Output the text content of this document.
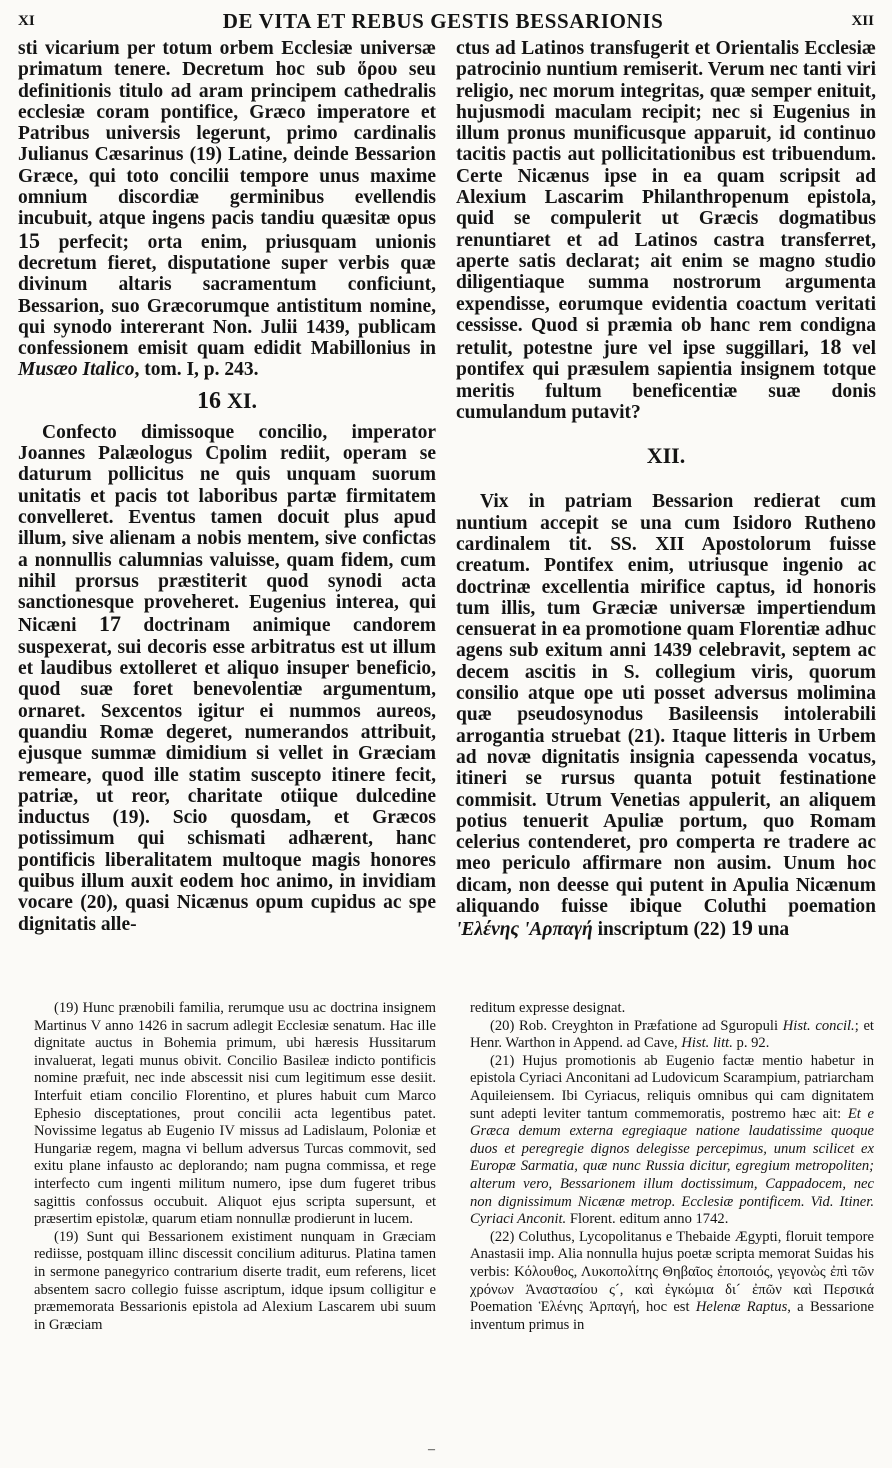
XI	DE VITA ET REBUS GESTIS BESSARIONIS	XII

sti vicarium per totum orbem Ecclesiæ universæ primatum tenere. Decretum hoc sub ὅρου seu definitionis titulo ad aram principem cathedralis ecclesiæ coram pontifice, Græco imperatore et Patribus universis legerunt, primo cardinalis Julianus Cæsarinus (19) Latine, deinde Bessarion Græce, qui toto concilii tempore unus maxime omnium discordiæ germinibus evellendis incubuit, atque ingens pacis tandiu quæsitæ opus 15 perfecit; orta enim, priusquam unionis decretum fieret, disputatione super verbis quæ divinum altaris sacramentum conficiunt, Bessarion, suo Græcorumque antistitum nomine, qui synodo intererant Non. Julii 1439, publicam confessionem emisit quam edidit Mabillonius in Musæo Italico, tom. I, p. 243.

16 XI.

Confecto dimissoque concilio, imperator Joannes Palæologus Cpolim rediit, operam se daturum pollicitus ne quis unquam suorum unitatis et pacis tot laboribus partæ firmitatem convelleret. Eventus tamen docuit plus apud illum, sive alienam a nobis mentem, sive confictas a nonnullis calumnias valuisse, quam fidem, cum nihil prorsus præstiterit quod synodi acta sanctionesque proveheret. Eugenius interea, qui Nicæni 17 doctrinam animique candorem suspexerat, sui decoris esse arbitratus est ut illum et laudibus extolleret et aliquo insuper beneficio, quod suæ foret benevolentiæ argumentum, ornaret. Sexcentos igitur ei nummos aureos, quandiu Romæ degeret, numerandos attribuit, ejusque summæ dimidium si vellet in Græciam remeare, quod ille statim suscepto itinere fecit, patriæ, ut reor, charitate otiique dulcedine inductus (19). Scio quosdam, et Græcos potissimum qui schismati adhærent, hanc pontificis liberalitatem multoque magis honores quibus illum auxit eodem hoc animo, in invidiam vocare (20), quasi Nicænus opum cupidus ac spe dignitatis alle-

ctus ad Latinos transfugerit et Orientalis Ecclesiæ patrocinio nuntium remiserit. Verum nec tanti viri religio, nec morum integritas, quæ semper enituit, hujusmodi maculam recipit; nec si Eugenius in illum pronus munificusque apparuit, id continuo tacitis pactis aut pollicitationibus est tribuendum. Certe Nicænus ipse in ea quam scripsit ad Alexium Lascarim Philanthropenum epistola, quid se compulerit ut Græcis dogmatibus renuntiaret et ad Latinos castra transferret, aperte satis declarat; ait enim se magno studio diligentiaque summa nostrorum argumenta expendisse, eorumque evidentia coactum veritati cessisse. Quod si præmia ob hanc rem condigna retulit, potestne jure vel ipse suggillari, 18 vel pontifex qui præsulem sapientia insignem totque meritis fultum beneficentiæ suæ donis cumulandum putavit?

XII.

Vix in patriam Bessarion redierat cum nuntium accepit se una cum Isidoro Rutheno cardinalem tit. SS. XII Apostolorum fuisse creatum. Pontifex enim, utriusque ingenio ac doctrinæ excellentia mirifice captus, id honoris tum illis, tum Græciæ universæ impertiendum censuerat in ea promotione quam Florentiæ adhuc agens sub exitum anni 1439 celebravit, septem ac decem ascitis in S. collegium viris, quorum consilio atque ope uti posset adversus molimina quæ pseudosynodus Basileensis intolerabili arrogantia struebat (21). Itaque litteris in Urbem ad novæ dignitatis insignia capessenda vocatus, itineri se rursus quanta potuit festinatione commisit. Utrum Venetias appulerit, an aliquem potius tenuerit Apuliæ portum, quo Romam celerius contenderet, pro comperta re tradere ac meo periculo affirmare non ausim. Unum hoc dicam, non deesse qui putent in Apulia Nicænum aliquando fuisse ibique Coluthi poemation 'Ελένης 'Αρπαγή inscriptum (22) 19 una

(19) Hunc prænobili familia, rerumque usu ac doctrina insignem Martinus V anno 1426 in sacrum adlegit Ecclesiæ senatum. Hac ille dignitate auctus in Bohemia primum, ubi hæresis Hussitarum invaluerat, legati munus obivit. Concilio Basileæ indicto pontificis nomine præfuit, nec inde abscessit nisi cum legitimum esse desiit. Interfuit etiam concilio Florentino, et plures habuit cum Marco Ephesio disceptationes, prout concilii acta legentibus patet. Novissime legatus ab Eugenio IV missus ad Ladislaum, Poloniæ et Hungariæ regem, magna vi bellum adversus Turcas commovit, sed exitu plane infausto ac deplorando; nam pugna commissa, et rege interfecto cum ingenti militum numero, ipse dum fugeret tribus sagittis confossus occubuit. Aliquot ejus scripta supersunt, et præsertim epistolæ, quarum etiam nonnullæ prodierunt in lucem.

(19) Sunt qui Bessarionem existiment nunquam in Græciam rediisse, postquam illinc discessit concilium aditurus. Platina tamen in sermone panegyrico contrarium diserte tradit, eum referens, licet absentem sacro collegio fuisse ascriptum, idque ipsum colligitur e præmemorata Bessarionis epistola ad Alexium Lascarem ubi suum in Græciam

reditum expresse designat.

(20) Rob. Creyghton in Præfatione ad Sguropuli Hist. concil.; et Henr. Warthon in Append. ad Cave, Hist. litt. p. 92.

(21) Hujus promotionis ab Eugenio factæ mentio habetur in epistola Cyriaci Anconitani ad Ludovicum Scarampium, patriarcham Aquileiensem. Ibi Cyriacus, reliquis omnibus qui cam dignitatem sunt adepti leviter tantum commemoratis, postremo hæc ait: Et e Græca demum externa egregiaque natione laudatissime quoque duos et peregregie dignos delegisse percepimus, unum scilicet ex Europæ Sarmatia, quæ nunc Russia dicitur, egregium metropoliten; alterum vero, Bessarionem illum doctissimum, Cappadocem, nec non dignissimum Nicænæ metrop. Ecclesiæ pontificem. Vid. Itiner. Cyriaci Anconit. Florent. editum anno 1742.

(22) Coluthus, Lycopolitanus e Thebaide Ægypti, floruit tempore Anastasii imp. Alia nonnulla hujus poetæ scripta memorat Suidas his verbis: Κόλουθος, Λυκοπολίτης Θηβαῖος ἐποποιός, γεγονὼς ἐπὶ τῶν χρόνων Ἀναστασίου ς´, καὶ ἐγκώμια δι´ ἐπῶν καὶ Περσικά Poemation Ἑλένης Ἁρπαγή, hoc est Helenæ Raptus, a Bessarione inventum primus in

–
